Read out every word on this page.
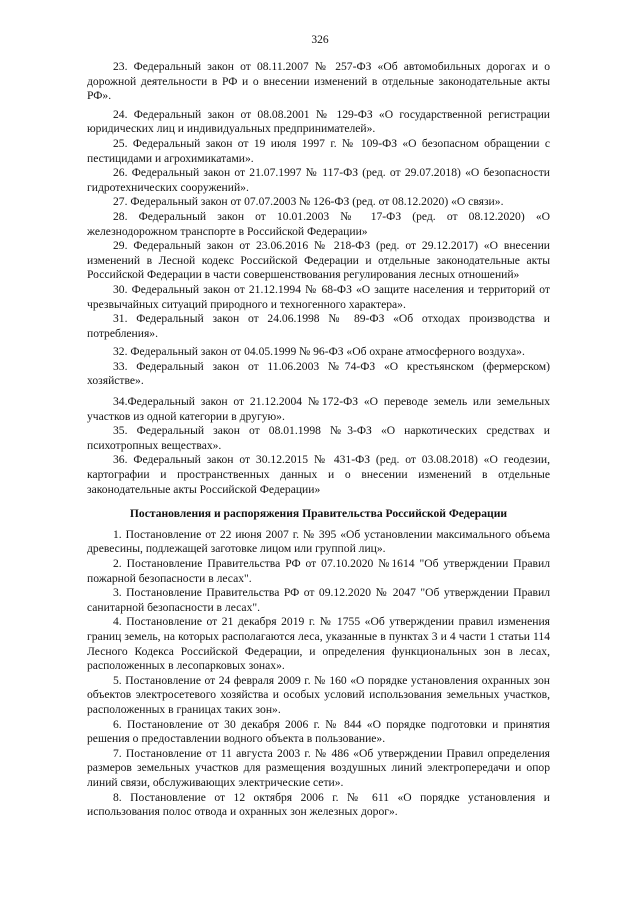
326

23. Федеральный закон от 08.11.2007 № 257-ФЗ «Об автомобильных дорогах и о дорожной деятельности в РФ и о внесении изменений в отдельные законодательные акты РФ».

24. Федеральный закон от 08.08.2001 № 129-ФЗ «О государственной регистрации юридических лиц и индивидуальных предпринимателей».

25. Федеральный закон от 19 июля 1997 г. № 109-ФЗ «О безопасном обращении с пестицидами и агрохимикатами».

26. Федеральный закон от 21.07.1997 № 117-ФЗ (ред. от 29.07.2018) «О безопасности гидротехнических сооружений».

27. Федеральный закон от 07.07.2003 № 126-ФЗ (ред. от 08.12.2020) «О связи».

28. Федеральный закон от 10.01.2003 № 17-ФЗ (ред. от 08.12.2020) «О железнодорожном транспорте в Российской Федерации»

29. Федеральный закон от 23.06.2016 № 218-ФЗ (ред. от 29.12.2017) «О внесении изменений в Лесной кодекс Российской Федерации и отдельные законодательные акты Российской Федерации в части совершенствования регулирования лесных отношений»

30. Федеральный закон от 21.12.1994 № 68-ФЗ «О защите населения и территорий от чрезвычайных ситуаций природного и техногенного характера».

31. Федеральный закон от 24.06.1998 № 89-ФЗ «Об отходах производства и потребления».

32. Федеральный закон от 04.05.1999 № 96-ФЗ «Об охране атмосферного воздуха».

33. Федеральный закон от 11.06.2003 №74-ФЗ «О крестьянском (фермерском) хозяйстве».

34.Федеральный закон от 21.12.2004 №172-ФЗ «О переводе земель или земельных участков из одной категории в другую».

35. Федеральный закон от 08.01.1998 №3-ФЗ «О наркотических средствах и психотропных веществах».

36. Федеральный закон от 30.12.2015 № 431-ФЗ (ред. от 03.08.2018) «О геодезии, картографии и пространственных данных и о внесении изменений в отдельные законодательные акты Российской Федерации»

Постановления и распоряжения Правительства Российской Федерации

1. Постановление от 22 июня 2007 г. № 395 «Об установлении максимального объема древесины, подлежащей заготовке лицом или группой лиц».

2. Постановление Правительства РФ от 07.10.2020 №1614 "Об утверждении Правил пожарной безопасности в лесах".

3. Постановление Правительства РФ от 09.12.2020 № 2047 "Об утверждении Правил санитарной безопасности в лесах".

4. Постановление от 21 декабря 2019 г. № 1755 «Об утверждении правил изменения границ земель, на которых располагаются леса, указанные в пунктах 3 и 4 части 1 статьи 114 Лесного Кодекса Российской Федерации, и определения функциональных зон в лесах, расположенных в лесопарковых зонах».

5. Постановление от 24 февраля 2009 г. № 160 «О порядке установления охранных зон объектов электросетевого хозяйства и особых условий использования земельных участков, расположенных в границах таких зон».

6. Постановление от 30 декабря 2006 г. № 844 «О порядке подготовки и принятия решения о предоставлении водного объекта в пользование».

7. Постановление от 11 августа 2003 г. № 486 «Об утверждении Правил определения размеров земельных участков для размещения воздушных линий электропередачи и опор линий связи, обслуживающих электрические сети».

8. Постановление от 12 октября 2006 г. № 611 «О порядке установления и использования полос отвода и охранных зон железных дорог».
